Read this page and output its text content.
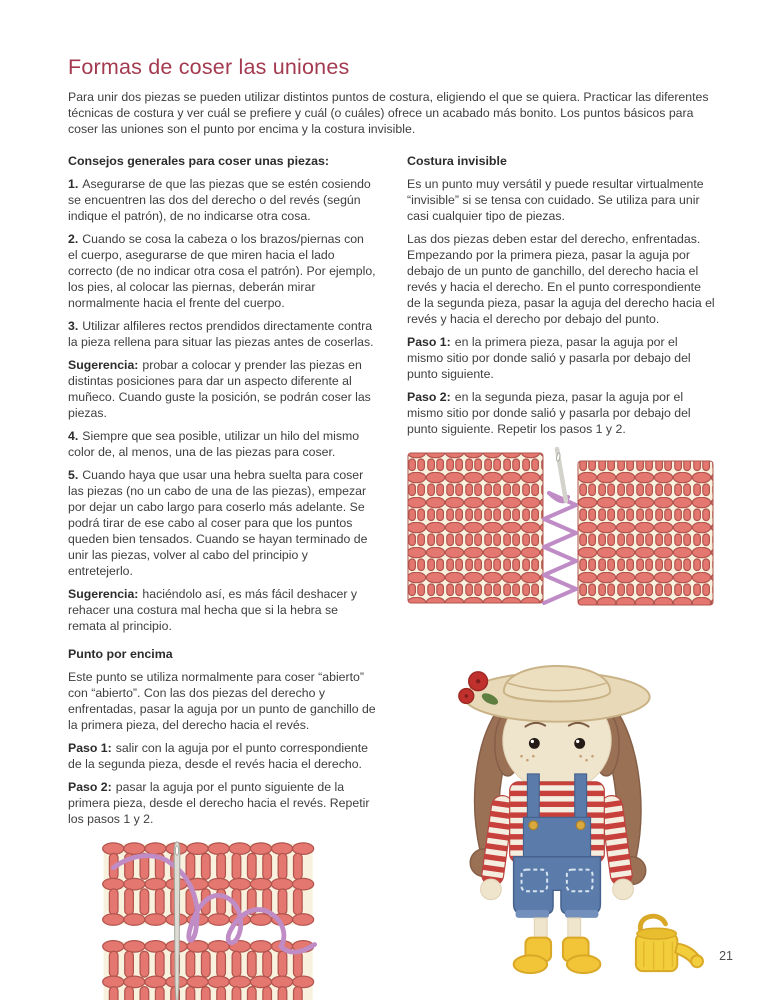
Formas de coser las uniones

Para unir dos piezas se pueden utilizar distintos puntos de costura, eligiendo el que se quiera. Practicar las diferentes técnicas de costura y ver cuál se prefiere y cuál (o cuáles) ofrece un acabado más bonito. Los puntos básicos para coser las uniones son el punto por encima y la costura invisible.

Consejos generales para coser unas piezas:

1. Asegurarse de que las piezas que se estén cosiendo se encuentren las dos del derecho o del revés (según indique el patrón), de no indicarse otra cosa.

2. Cuando se cosa la cabeza o los brazos/piernas con el cuerpo, asegurarse de que miren hacia el lado correcto (de no indicar otra cosa el patrón). Por ejemplo, los pies, al colocar las piernas, deberán mirar normalmente hacia el frente del cuerpo.

3. Utilizar alfileres rectos prendidos directamente contra la pieza rellena para situar las piezas antes de coserlas.

Sugerencia: probar a colocar y prender las piezas en distintas posiciones para dar un aspecto diferente al muñeco. Cuando guste la posición, se podrán coser las piezas.

4. Siempre que sea posible, utilizar un hilo del mismo color de, al menos, una de las piezas para coser.

5. Cuando haya que usar una hebra suelta para coser las piezas (no un cabo de una de las piezas), empezar por dejar un cabo largo para coserlo más adelante. Se podrá tirar de ese cabo al coser para que los puntos queden bien tensados. Cuando se hayan terminado de unir las piezas, volver al cabo del principio y entretejerlo.

Sugerencia: haciéndolo así, es más fácil deshacer y rehacer una costura mal hecha que si la hebra se remata al principio.

Punto por encima

Este punto se utiliza normalmente para coser “abierto” con “abierto”. Con las dos piezas del derecho y enfrentadas, pasar la aguja por un punto de ganchillo de la primera pieza, del derecho hacia el revés.

Paso 1: salir con la aguja por el punto correspondiente de la segunda pieza, desde el revés hacia el derecho.

Paso 2: pasar la aguja por el punto siguiente de la primera pieza, desde el derecho hacia el revés. Repetir los pasos 1 y 2.

Costura invisible

Es un punto muy versátil y puede resultar virtualmente “invisible” si se tensa con cuidado. Se utiliza para unir casi cualquier tipo de piezas.

Las dos piezas deben estar del derecho, enfrentadas. Empezando por la primera pieza, pasar la aguja por debajo de un punto de ganchillo, del derecho hacia el revés y hacia el derecho. En el punto correspondiente de la segunda pieza, pasar la aguja del derecho hacia el revés y hacia el derecho por debajo del punto.

Paso 1: en la primera pieza, pasar la aguja por el mismo sitio por donde salió y pasarla por debajo del punto siguiente.

Paso 2: en la segunda pieza, pasar la aguja por el mismo sitio por donde salió y pasarla por debajo del punto siguiente. Repetir los pasos 1 y 2.

21
